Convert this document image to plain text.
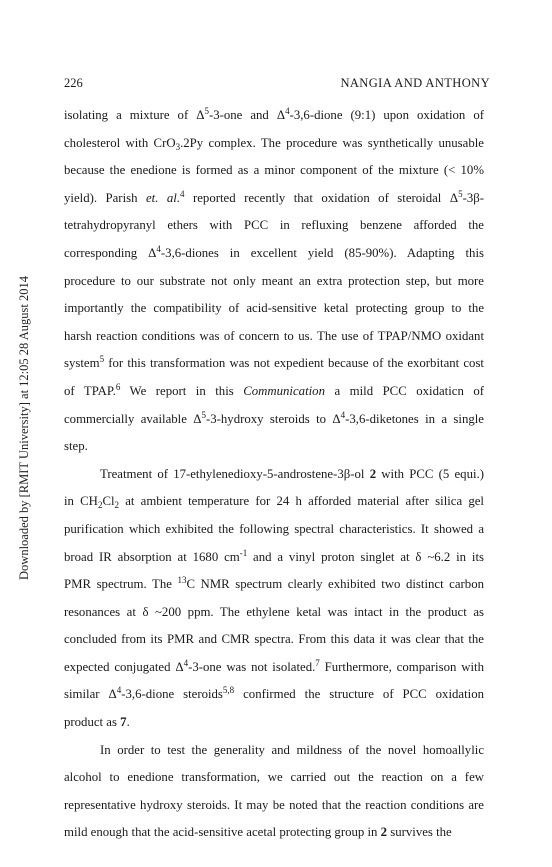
226	NANGIA AND ANTHONY
Downloaded by [RMIT University] at 12:05 28 August 2014
isolating a mixture of $\Delta^5-3$-one and $\Delta^4-3,6$-dione (9:1) upon oxidation of
cholesterol with CrO$_3$.2Py complex. The procedure was synthetically unusable
because the enedione is formed as a minor component of the mixture (< 10%
yield). Parish et. al.$^4$ reported recently that oxidation of steroidal $\Delta^5-3\beta-$
tetrahydropyranyl ethers with PCC in refluxing benzene afforded the
corresponding $\Delta^4-3,6$-diones in excellent yield (85-90%). Adapting this
procedure to our substrate not only meant an extra protection step, but more
importantly the compatibility of acid-sensitive ketal protecting group to the
harsh reaction conditions was of concern to us. The use of TPAP/NMO oxidant
system$^5$ for this transformation was not expedient because of the exorbitant cost
of TPAP.$^6$ We report in this Communication a mild PCC oxidaticn of
commercially available $\Delta^5-3$-hydroxy steroids to $\Delta^4-3,6$-diketones in a single
step.
Treatment of 17-ethylenedioxy-5-androstene-3β-ol 2 with PCC (5 equi.)
in $CH_2Cl_2$ at ambient temperature for 24 h afforded material after silica gel
purification which exhibited the following spectral characteristics. It showed a
broad IR absorption at 1680 $cm^{-1}$ and a vinyl proton singlet at δ ~6.2 in its
PMR spectrum. The $^{13}$C NMR spectrum clearly exhibited two distinct carbon
resonances at δ ~200 ppm. The ethylene ketal was intact in the product as
concluded from its PMR and CMR spectra. From this data it was clear that the
expected conjugated $\Delta^4-3$-one was not isolated.$^7$ Furthermore, comparison with
similar $\Delta^4-3,6$-dione steroids$^{5,8}$ confirmed the structure of PCC oxidation
product as 7.
In order to test the generality and mildness of the novel homoallylic
alcohol to enedione transformation, we carried out the reaction on a few
representative hydroxy steroids. It may be noted that the reaction conditions are
mild enough that the acid-sensitive acetal protecting group in 2 survives the
